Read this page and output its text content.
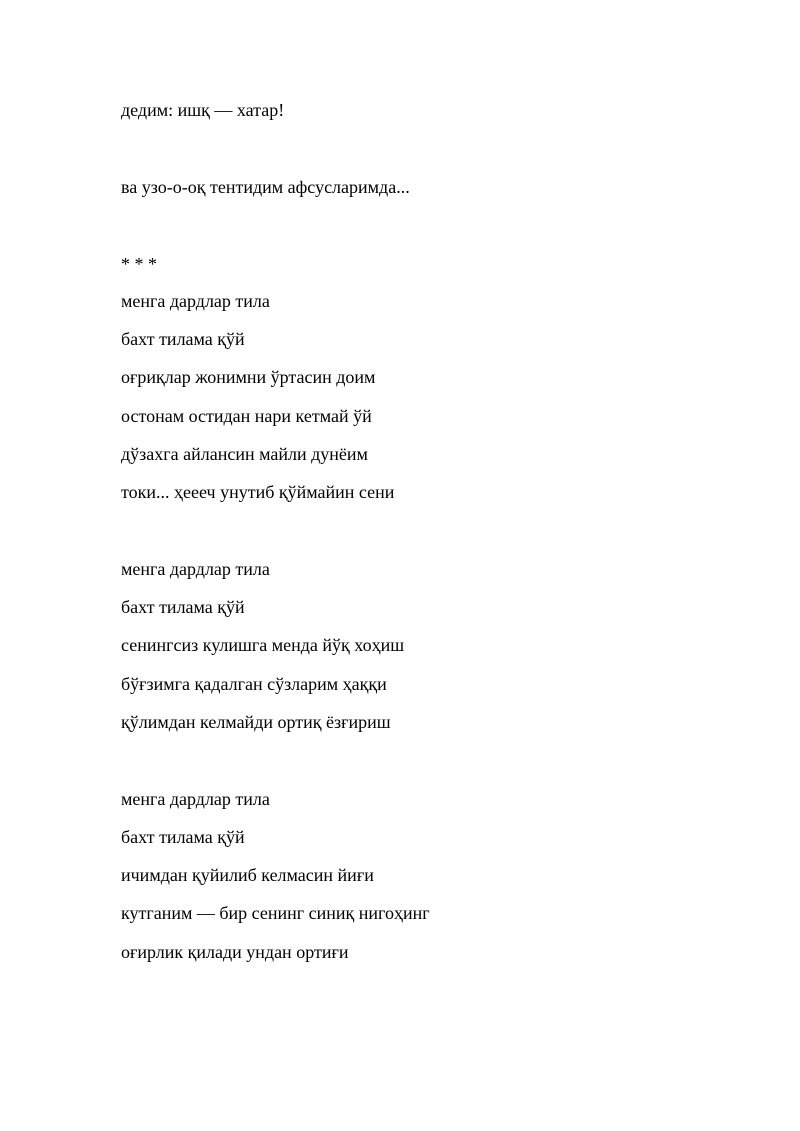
дедим: ишқ — хатар!

ва узо-о-оқ тентидим афсусларимда...

* * *

менга дардлар тила

бахт тилама қўй

оғриқлар жонимни ўртасин доим

остонам остидан нари кетмай ўй

дўзахга айлансин майли дунёим

токи... ҳеееч унутиб қўймайин сени

менга дардлар тила

бахт тилама қўй

сенингсиз кулишга менда йўқ хоҳиш

бўғзимга қадалган сўзларим ҳаққи

қўлимдан келмайди ортиқ ёзғириш

менга дардлар тила

бахт тилама қўй

ичимдан қуйилиб келмасин йиғи

кутганим — бир сенинг синиқ нигоҳинг

оғирлик қилади ундан ортиғи
